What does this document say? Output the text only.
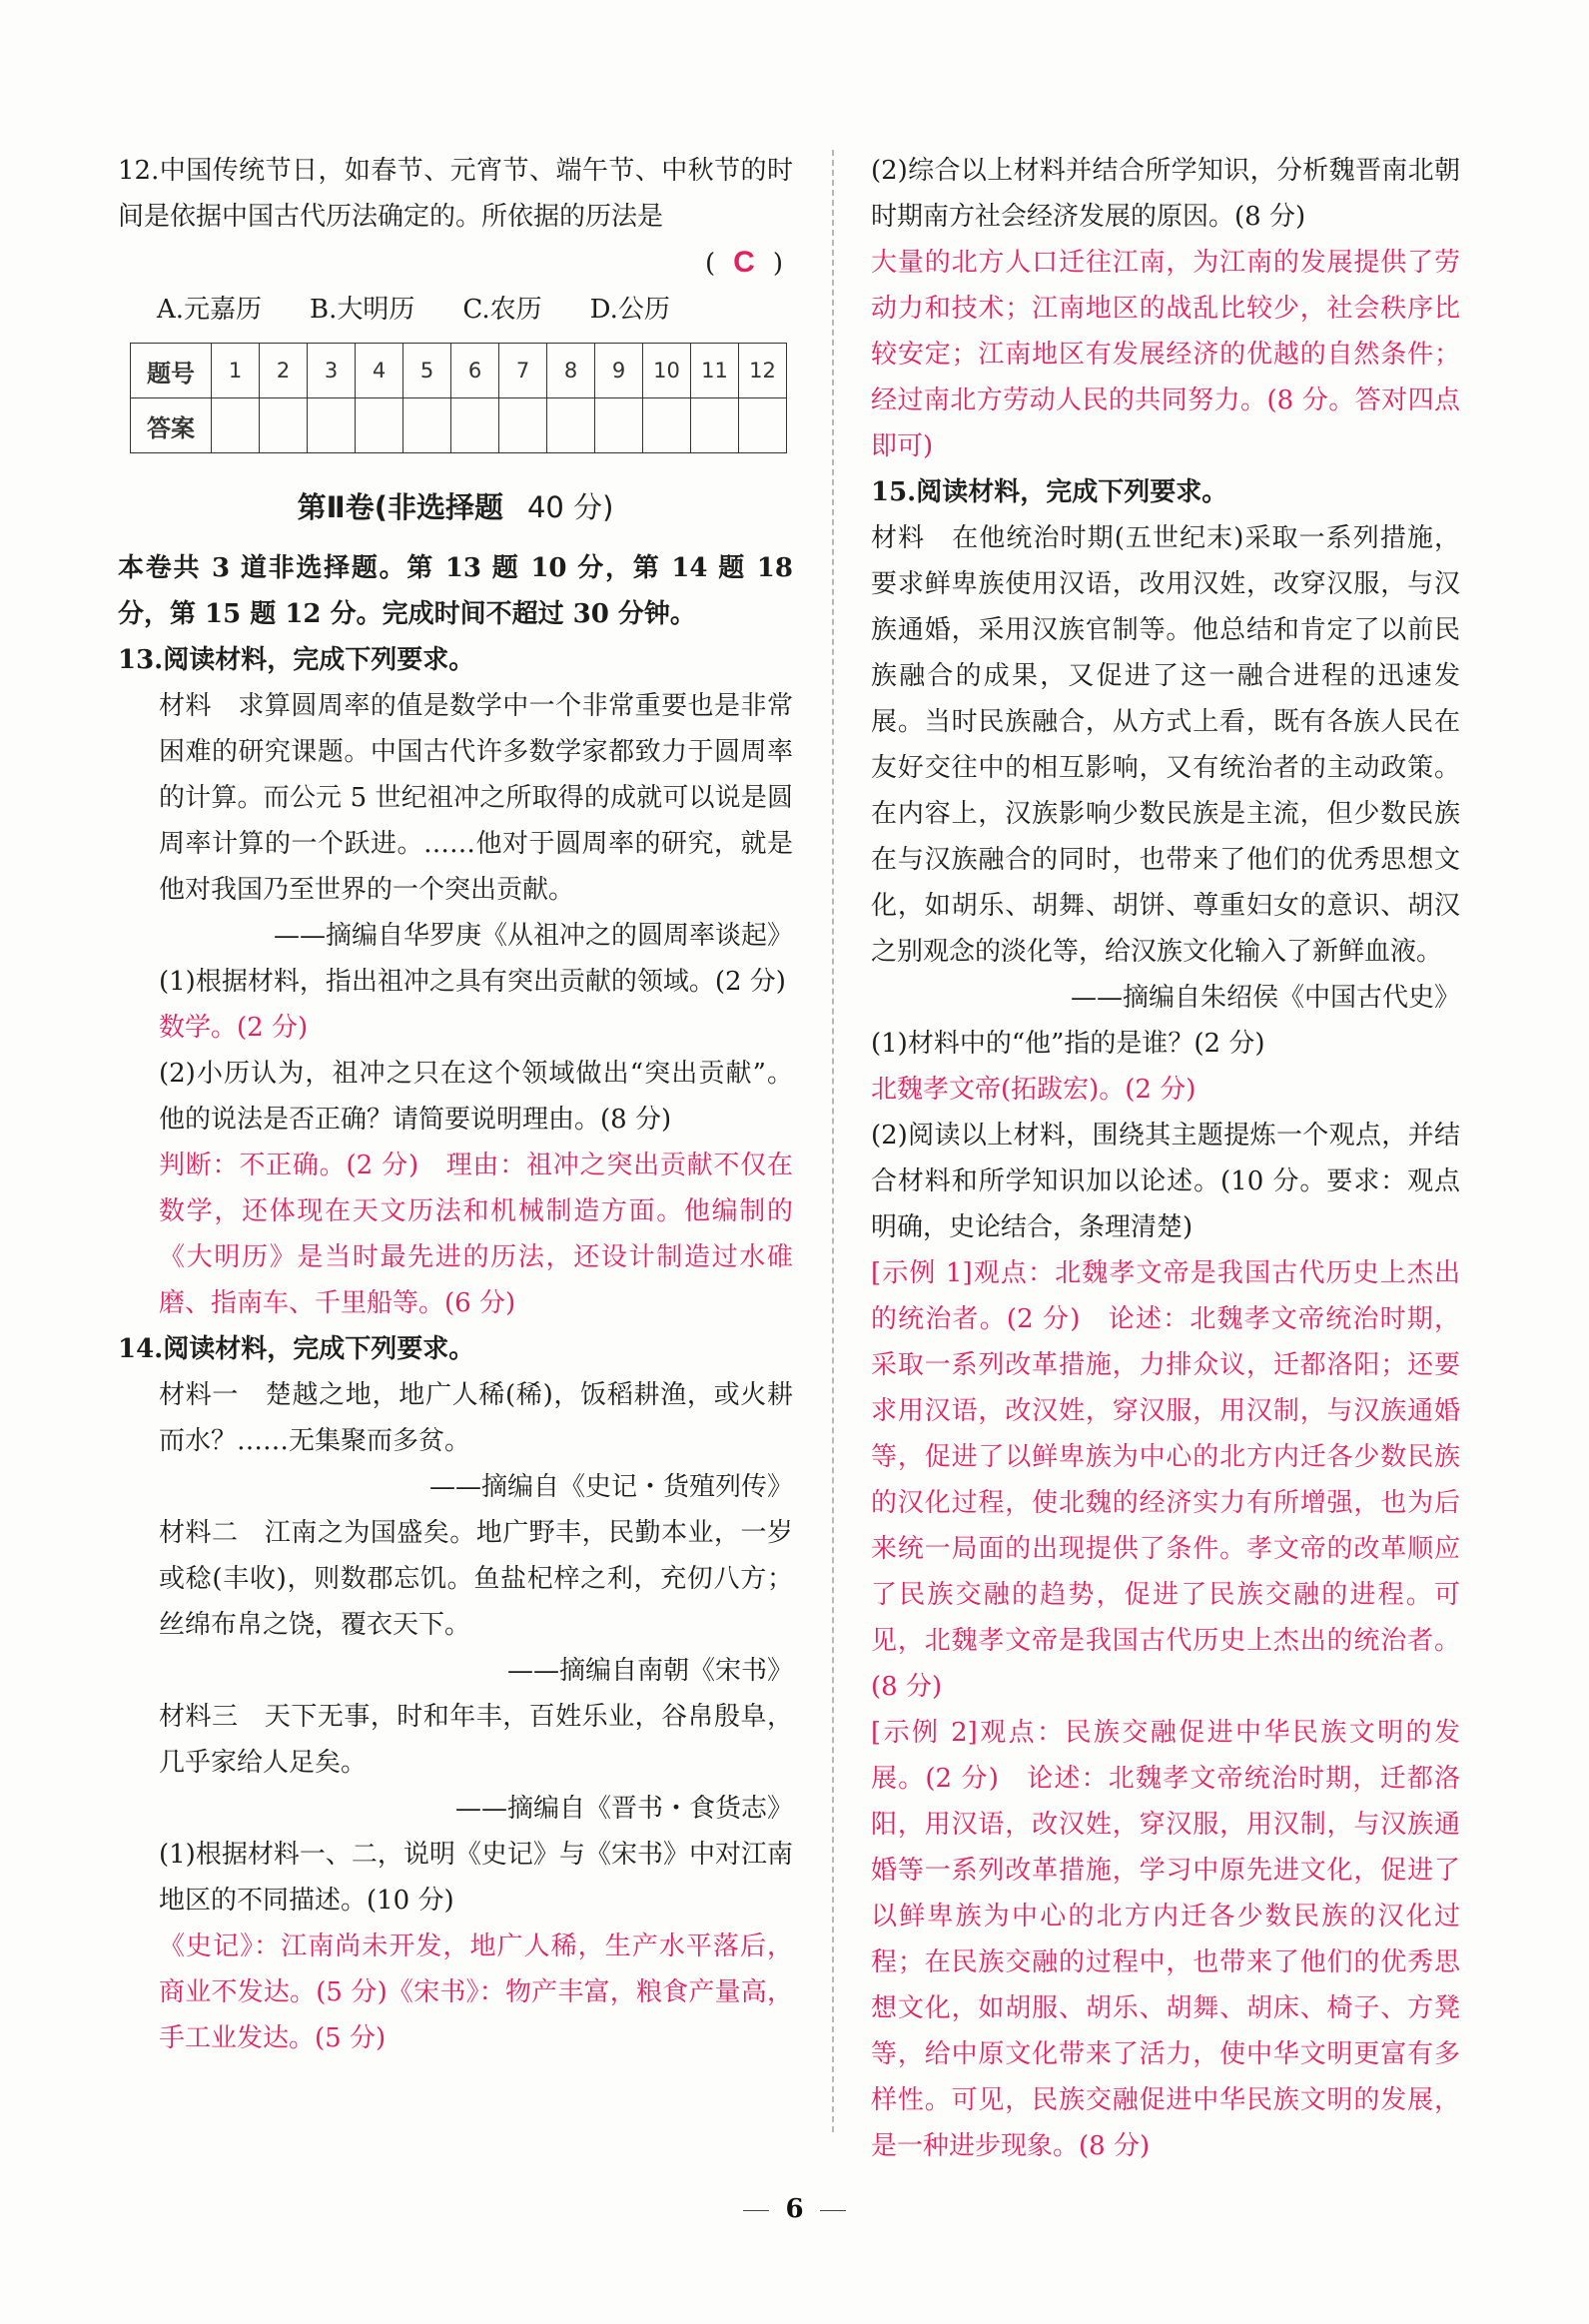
12.中国传统节日，如春节、元宵节、端午节、中秋节的时间是依据中国古代历法确定的。所依据的历法是

( C )

A.元嘉历 B.大明历 C.农历 D.公历

题号	1	2	3	4	5	6	7	8	9	10	11	12
答案												
第Ⅱ卷(非选择题 40 分)

本卷共 3 道非选择题。第 13 题 10 分，第 14 题 18 分，第 15 题 12 分。完成时间不超过 30 分钟。

13.阅读材料，完成下列要求。

材料　求算圆周率的值是数学中一个非常重要也是非常困难的研究课题。中国古代许多数学家都致力于圆周率的计算。而公元 5 世纪祖冲之所取得的成就可以说是圆周率计算的一个跃进。……他对于圆周率的研究，就是他对我国乃至世界的一个突出贡献。

——摘编自华罗庚《从祖冲之的圆周率谈起》

(1)根据材料，指出祖冲之具有突出贡献的领域。(2 分)

数学。(2 分)

(2)小历认为，祖冲之只在这个领域做出“突出贡献”。他的说法是否正确？请简要说明理由。(8 分)

判断：不正确。(2 分)　理由：祖冲之突出贡献不仅在数学，还体现在天文历法和机械制造方面。他编制的《大明历》是当时最先进的历法，还设计制造过水碓磨、指南车、千里船等。(6 分)

14.阅读材料，完成下列要求。

材料一　楚越之地，地广人稀(稀)，饭稻耕渔，或火耕而水？……无集聚而多贫。

——摘编自《史记・货殖列传》

材料二　江南之为国盛矣。地广野丰，民勤本业，一岁或稔(丰收)，则数郡忘饥。鱼盐杞梓之利，充仞八方；丝绵布帛之饶，覆衣天下。

——摘编自南朝《宋书》

材料三　天下无事，时和年丰，百姓乐业，谷帛殷阜，几乎家给人足矣。

——摘编自《晋书・食货志》

(1)根据材料一、二，说明《史记》与《宋书》中对江南地区的不同描述。(10 分)

《史记》：江南尚未开发，地广人稀，生产水平落后，商业不发达。(5 分)《宋书》：物产丰富，粮食产量高，手工业发达。(5 分)

(2)综合以上材料并结合所学知识，分析魏晋南北朝时期南方社会经济发展的原因。(8 分)

大量的北方人口迁往江南，为江南的发展提供了劳动力和技术；江南地区的战乱比较少，社会秩序比较安定；江南地区有发展经济的优越的自然条件；经过南北方劳动人民的共同努力。(8 分。答对四点即可)

15.阅读材料，完成下列要求。

材料　在他统治时期(五世纪末)采取一系列措施，要求鲜卑族使用汉语，改用汉姓，改穿汉服，与汉族通婚，采用汉族官制等。他总结和肯定了以前民族融合的成果，又促进了这一融合进程的迅速发展。当时民族融合，从方式上看，既有各族人民在友好交往中的相互影响，又有统治者的主动政策。在内容上，汉族影响少数民族是主流，但少数民族在与汉族融合的同时，也带来了他们的优秀思想文化，如胡乐、胡舞、胡饼、尊重妇女的意识、胡汉之别观念的淡化等，给汉族文化输入了新鲜血液。

——摘编自朱绍侯《中国古代史》

(1)材料中的“他”指的是谁？(2 分)

北魏孝文帝(拓跋宏)。(2 分)

(2)阅读以上材料，围绕其主题提炼一个观点，并结合材料和所学知识加以论述。(10 分。要求：观点明确，史论结合，条理清楚)

[示例 1]观点：北魏孝文帝是我国古代历史上杰出的统治者。(2 分)　论述：北魏孝文帝统治时期，采取一系列改革措施，力排众议，迁都洛阳；还要求用汉语，改汉姓，穿汉服，用汉制，与汉族通婚等，促进了以鲜卑族为中心的北方内迁各少数民族的汉化过程，使北魏的经济实力有所增强，也为后来统一局面的出现提供了条件。孝文帝的改革顺应了民族交融的趋势，促进了民族交融的进程。可见，北魏孝文帝是我国古代历史上杰出的统治者。(8 分)

[示例 2]观点：民族交融促进中华民族文明的发展。(2 分)　论述：北魏孝文帝统治时期，迁都洛阳，用汉语，改汉姓，穿汉服，用汉制，与汉族通婚等一系列改革措施，学习中原先进文化，促进了以鲜卑族为中心的北方内迁各少数民族的汉化过程；在民族交融的过程中，也带来了他们的优秀思想文化，如胡服、胡乐、胡舞、胡床、椅子、方凳等，给中原文化带来了活力，使中华文明更富有多样性。可见，民族交融促进中华民族文明的发展，是一种进步现象。(8 分)

6
